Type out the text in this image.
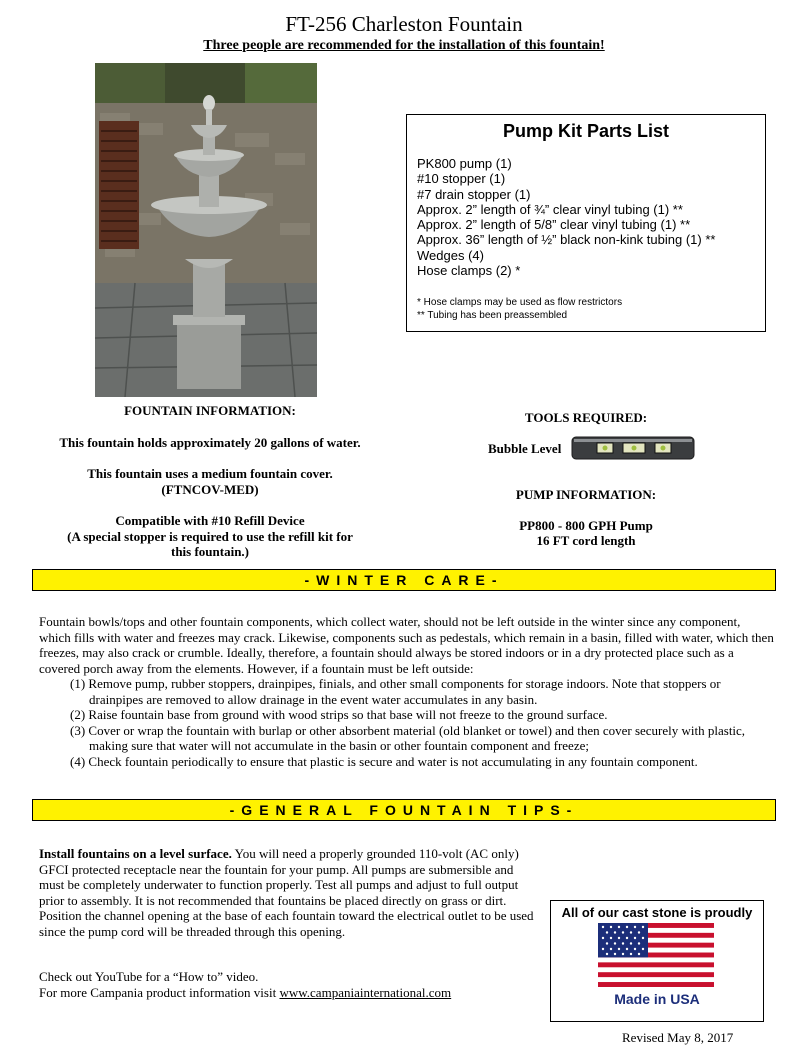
FT-256 Charleston Fountain
Three people are recommended for the installation of this fountain!
Pump Kit Parts List
PK800 pump (1)
#10 stopper (1)
#7 drain stopper (1)
Approx. 2” length of ¾” clear vinyl tubing (1) **
Approx. 2” length of 5/8” clear vinyl tubing (1) **
Approx. 36” length of ½” black non-kink tubing (1) **
Wedges (4)
Hose clamps (2) *
* Hose clamps may be used as flow restrictors
** Tubing has been preassembled
FOUNTAIN INFORMATION:
This fountain holds approximately 20 gallons of water.
This fountain uses a medium fountain cover.
(FTNCOV-MED)
Compatible with #10 Refill Device
(A special stopper is required to use the refill kit for
this fountain.)
TOOLS REQUIRED:
Bubble Level
PUMP INFORMATION:
PP800 - 800 GPH Pump
16 FT cord length
-WINTER CARE-
Fountain bowls/tops and other fountain components, which collect water, should not be left outside in the winter since any component, which fills with water and freezes may crack. Likewise, components such as pedestals, which remain in a basin, filled with water, which then freezes, may also crack or crumble. Ideally, therefore, a fountain should always be stored indoors or in a dry protected place such as a covered porch away from the elements. However, if a fountain must be left outside:
(1) Remove pump, rubber stoppers, drainpipes, finials, and other small components for storage indoors. Note that stoppers or drainpipes are removed to allow drainage in the event water accumulates in any basin.
(2) Raise fountain base from ground with wood strips so that base will not freeze to the ground surface.
(3) Cover or wrap the fountain with burlap or other absorbent material (old blanket or towel) and then cover securely with plastic, making sure that water will not accumulate in the basin or other fountain component and freeze;
(4) Check fountain periodically to ensure that plastic is secure and water is not accumulating in any fountain component.
-GENERAL FOUNTAIN TIPS-
Install fountains on a level surface. You will need a properly grounded 110-volt (AC only) GFCI protected receptacle near the fountain for your pump. All pumps are submersible and must be completely underwater to function properly. Test all pumps and adjust to full output prior to assembly. It is not recommended that fountains be placed directly on grass or dirt. Position the channel opening at the base of each fountain toward the electrical outlet to be used since the pump cord will be threaded through this opening.
All of our cast stone is proudly
Made in USA
Check out YouTube for a “How to” video.
For more Campania product information visit www.campaniainternational.com
Revised May 8, 2017
